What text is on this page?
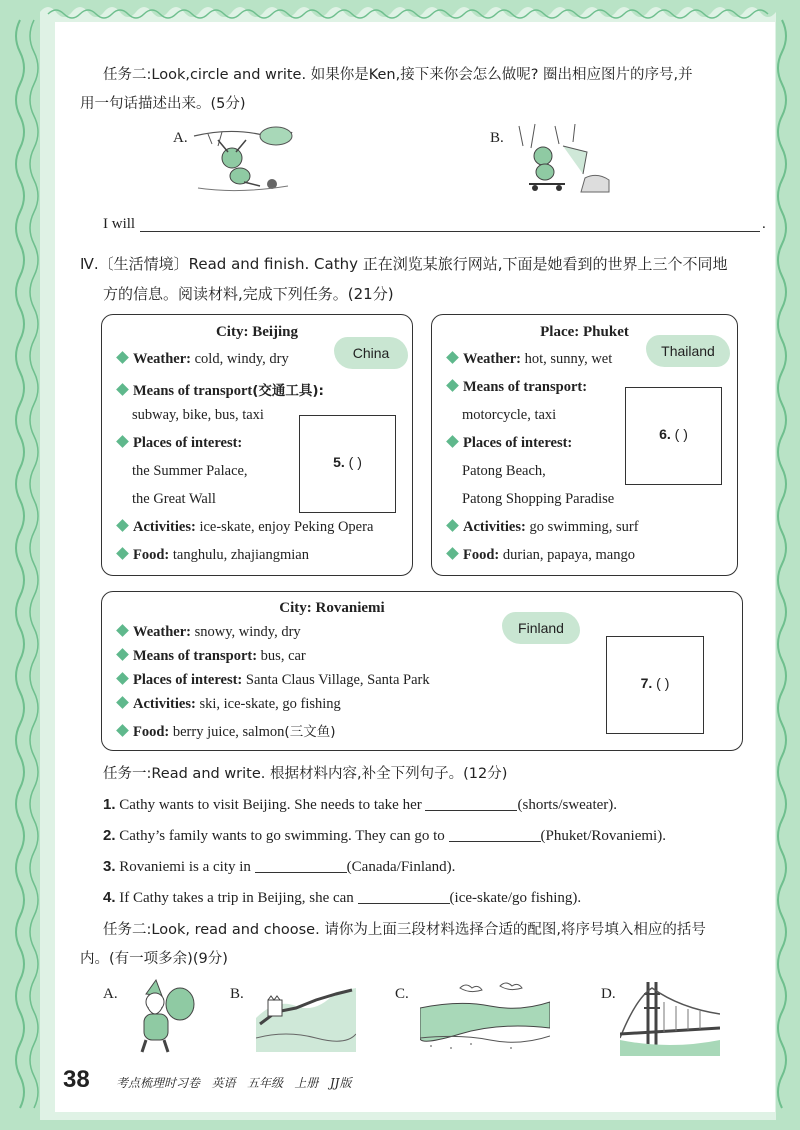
任务二:Look,circle and write. 如果你是Ken,接下来你会怎么做呢? 圈出相应图片的序号,并
用一句话描述出来。(5分)
A.	B.
I will	.
Ⅳ.〔生活情境〕Read and finish. Cathy 正在浏览某旅行网站,下面是她看到的世界上三个不同地
方的信息。阅读材料,完成下列任务。(21分)
City: Beijing
China
Weather: cold, windy, dry
Means of transport(交通工具):
subway, bike, bus, taxi
Places of interest:
the Summer Palace,
the Great Wall
Activities: ice-skate, enjoy Peking Opera
Food: tanghulu, zhajiangmian
5. ( )
Place: Phuket
Thailand
Weather: hot, sunny, wet
Means of transport:
motorcycle, taxi
Places of interest:
Patong Beach,
Patong Shopping Paradise
Activities: go swimming, surf
Food: durian, papaya, mango
6. ( )
City: Rovaniemi
Finland
Weather: snowy, windy, dry
Means of transport: bus, car
Places of interest: Santa Claus Village, Santa Park
Activities: ski, ice-skate, go fishing
Food: berry juice, salmon(三文鱼)
7. ( )
任务一:Read and write. 根据材料内容,补全下列句子。(12分)
1. Cathy wants to visit Beijing. She needs to take her	(shorts/sweater).
2. Cathy’s family wants to go swimming. They can go to	(Phuket/Rovaniemi).
3. Rovaniemi is a city in	(Canada/Finland).
4. If Cathy takes a trip in Beijing, she can	(ice-skate/go fishing).
任务二:Look, read and choose. 请你为上面三段材料选择合适的配图,将序号填入相应的括号
内。(有一项多余)(9分)
A.	B.	C.	D.
38 考点梳理时习卷 英语 五年级 上册 JJ版
